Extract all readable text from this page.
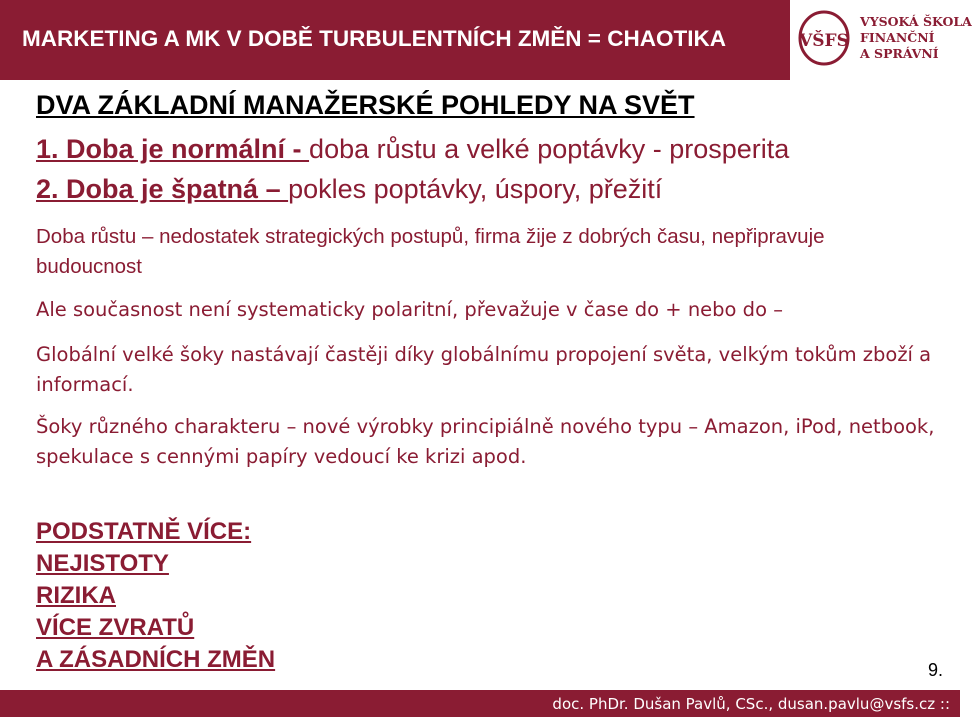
MARKETING A MK V DOBĚ TURBULENTNÍCH ZMĚN = CHAOTIKA	VŠFS
VYSOKÁ ŠKOLA
FINANČNÍ
A SPRÁVNÍ
DVA ZÁKLADNÍ MANAŽERSKÉ POHLEDY NA SVĚT
1. Doba je normální - doba růstu a velké poptávky - prosperita
2. Doba je špatná – pokles poptávky, úspory, přežití
Doba růstu – nedostatek strategických postupů, firma žije z dobrých času, nepřipravuje budoucnost
Ale současnost není systematicky polaritní, převažuje v čase do + nebo do –
Globální velké šoky nastávají častěji díky globálnímu propojení světa, velkým tokům zboží a informací.
Šoky různého charakteru – nové výrobky principiálně nového typu – Amazon, iPod, netbook, spekulace s cennými papíry vedoucí ke krizi apod.
PODSTATNĚ VÍCE:
NEJISTOTY
RIZIKA
VÍCE ZVRATŮ
A ZÁSADNÍCH ZMĚN	9.
doc. PhDr. Dušan Pavlů, CSc., dusan.pavlu@vsfs.cz ::
